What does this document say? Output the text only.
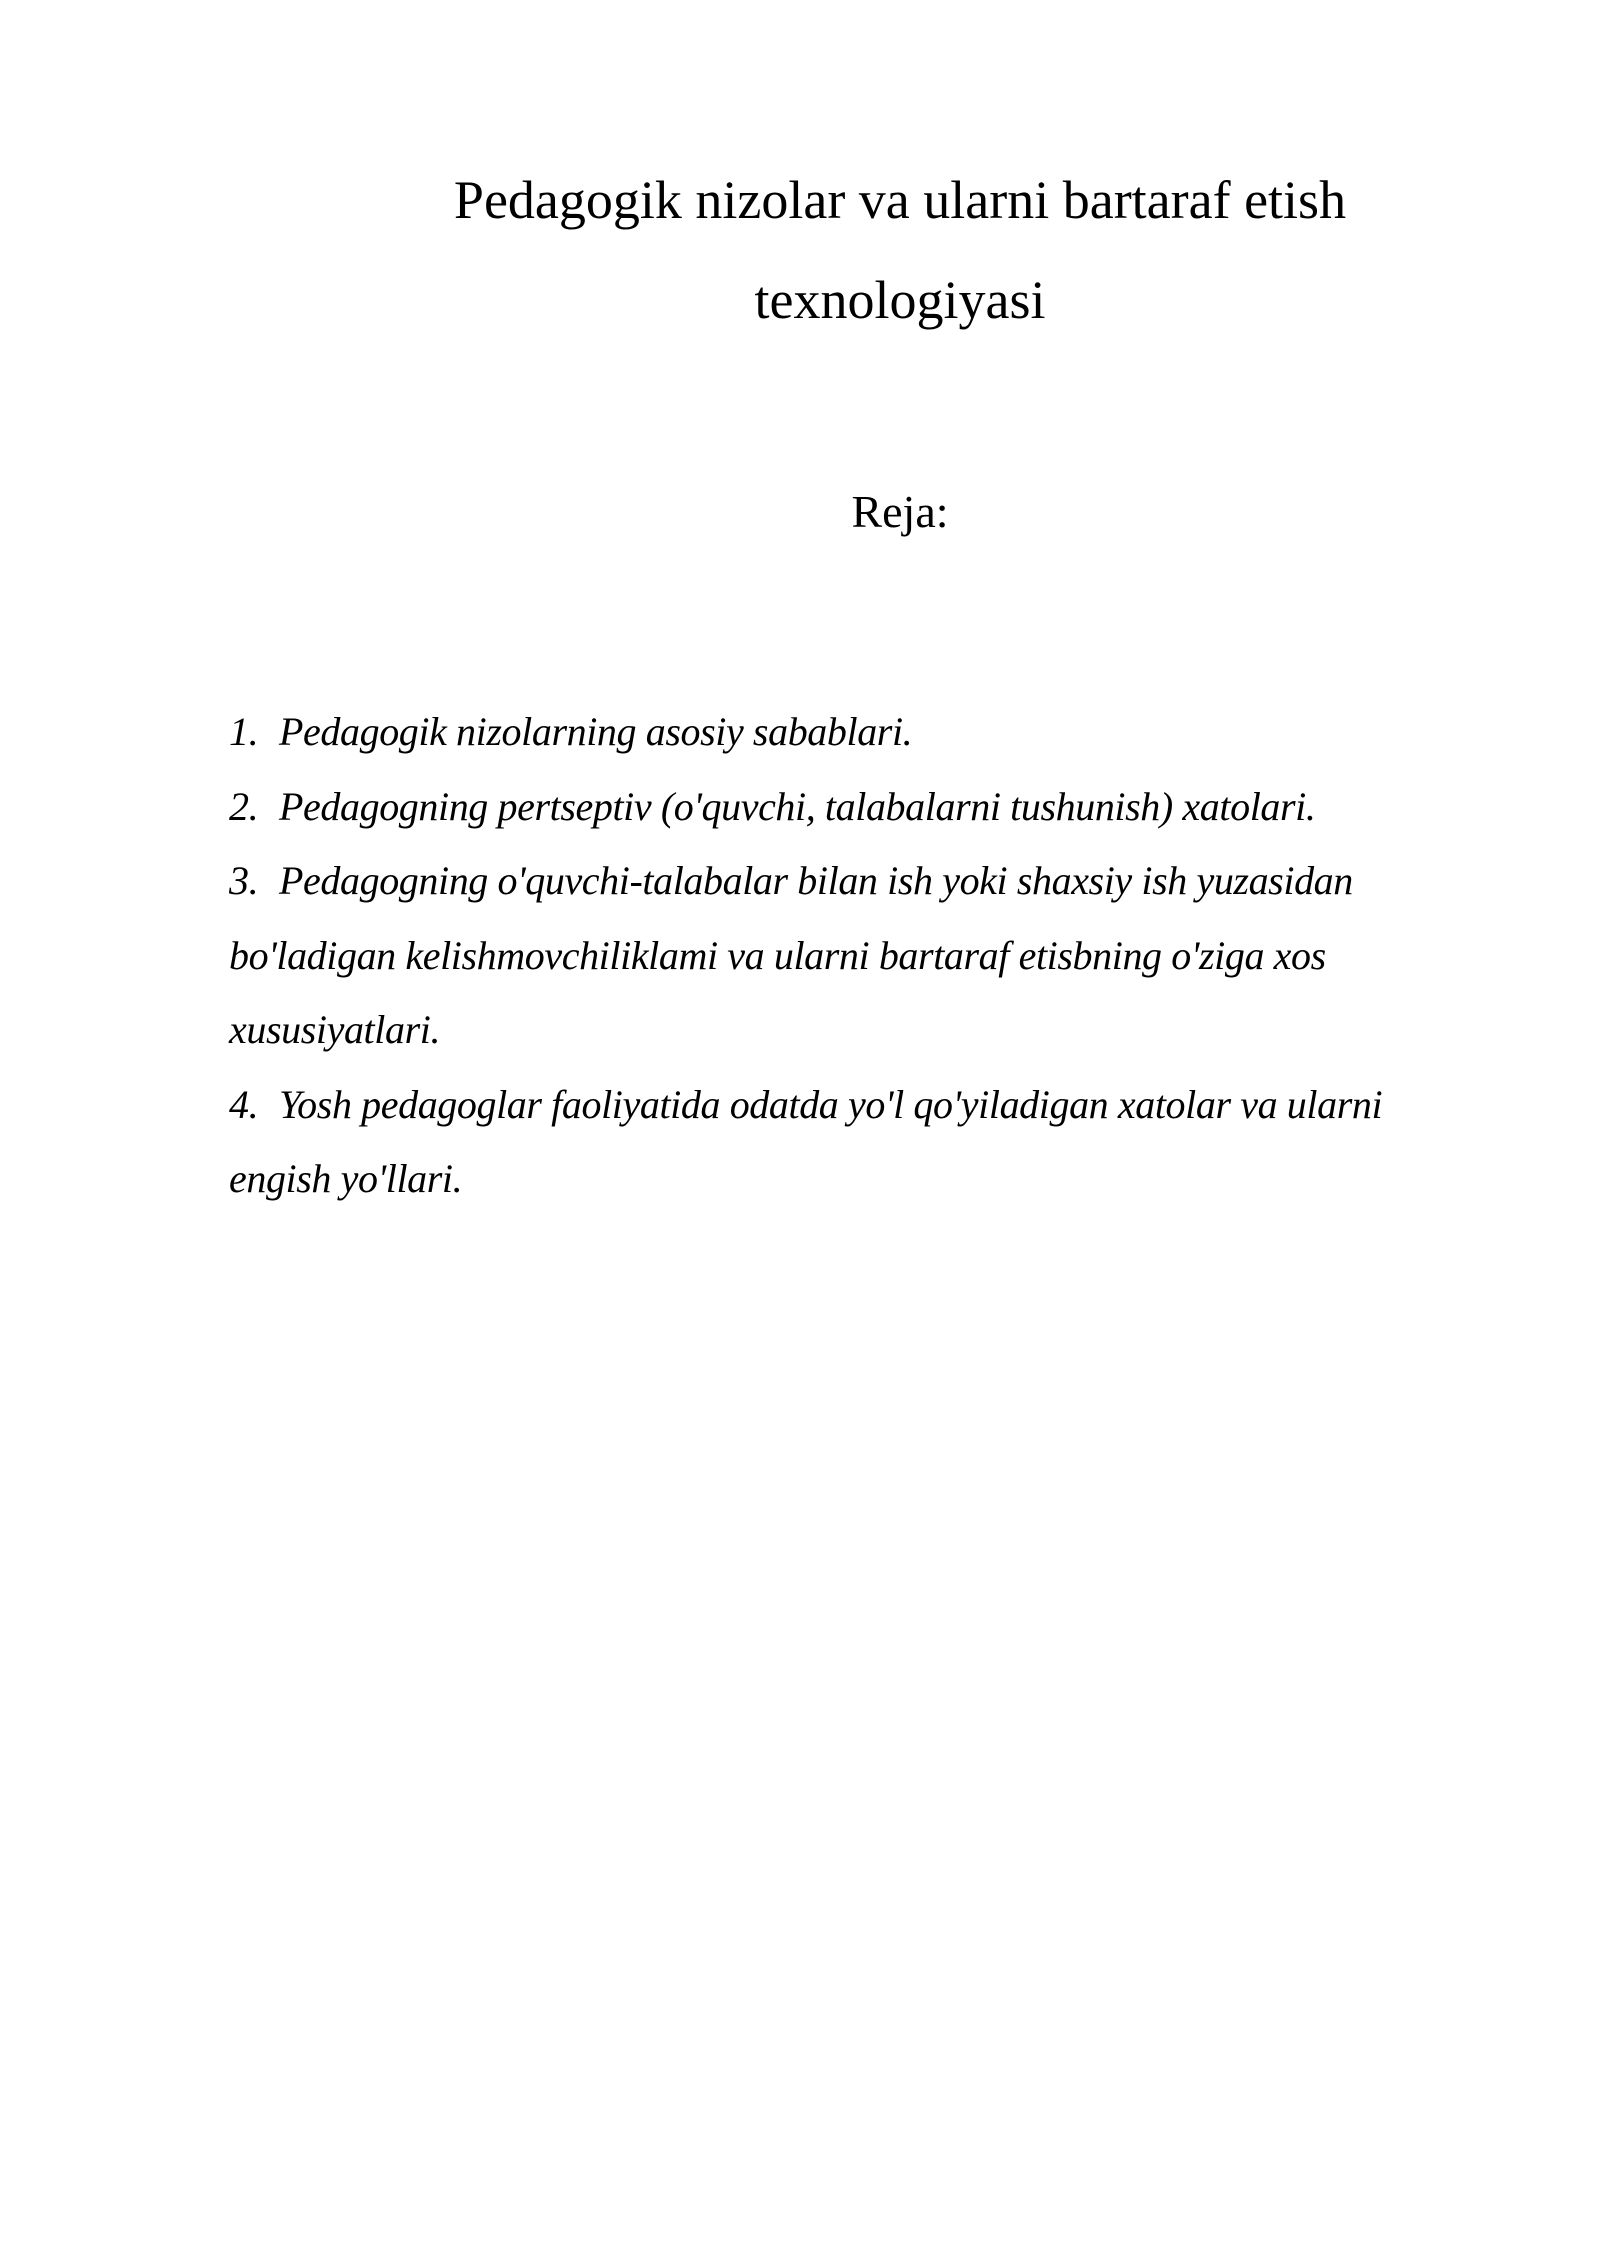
Pedagogik nizolar va ularni bartaraf etish
texnologiyasi
Reja:
1. Pedagogik nizolarning asosiy sabablari.
2. Pedagogning pertseptiv (o'quvchi, talabalarni tushunish) xatolari.
3. Pedagogning o'quvchi-talabalar bilan ish yoki shaxsiy ish yuzasidan bo'ladigan kelishmovchiliklami va ularni bartaraf etisbning o'ziga xos xususiyatlari.
4. Yosh pedagoglar faoliyatida odatda yo'l qo'yiladigan xatolar va ularni engish yo'llari.
